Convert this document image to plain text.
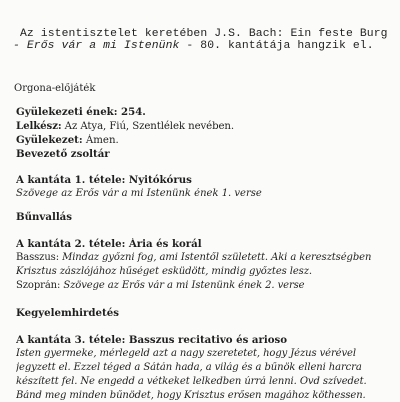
Az istentisztelet keretében J.S. Bach: Ein feste Burg
- Erős vár a mi Istenünk - 80. kantátája hangzik el.
Orgona-előjáték
Gyülekezeti ének: 254.
Lelkész: Az Atya, Fiú, Szentlélek nevében.
Gyülekezet: Ámen.
Bevezető zsoltár
A kantáta 1. tétele: Nyitókórus
Szövege az Erős vár a mi Istenünk ének 1. verse
Bűnvallás
A kantáta 2. tétele: Ária és korál
Basszus: Mindaz győzni fog, ami Istentől született. Aki a keresztségben
Krisztus zászlójához hűséget esküdött, mindig győztes lesz.
Szoprán: Szövege az Erős vár a mi Istenünk ének 2. verse
Kegyelemhirdetés
A kantáta 3. tétele: Basszus recitativo és arioso
Isten gyermeke, mérlegeld azt a nagy szeretetet, hogy Jézus vérével
jegyzett el. Ezzel téged a Sátán hada, a világ és a bűnök elleni harcra
készített fel. Ne engedd a vétkeket lelkedben úrrá lenni. Óvd szívedet.
Bánd meg minden bűnödet, hogy Krisztus erősen magához köthessen.
